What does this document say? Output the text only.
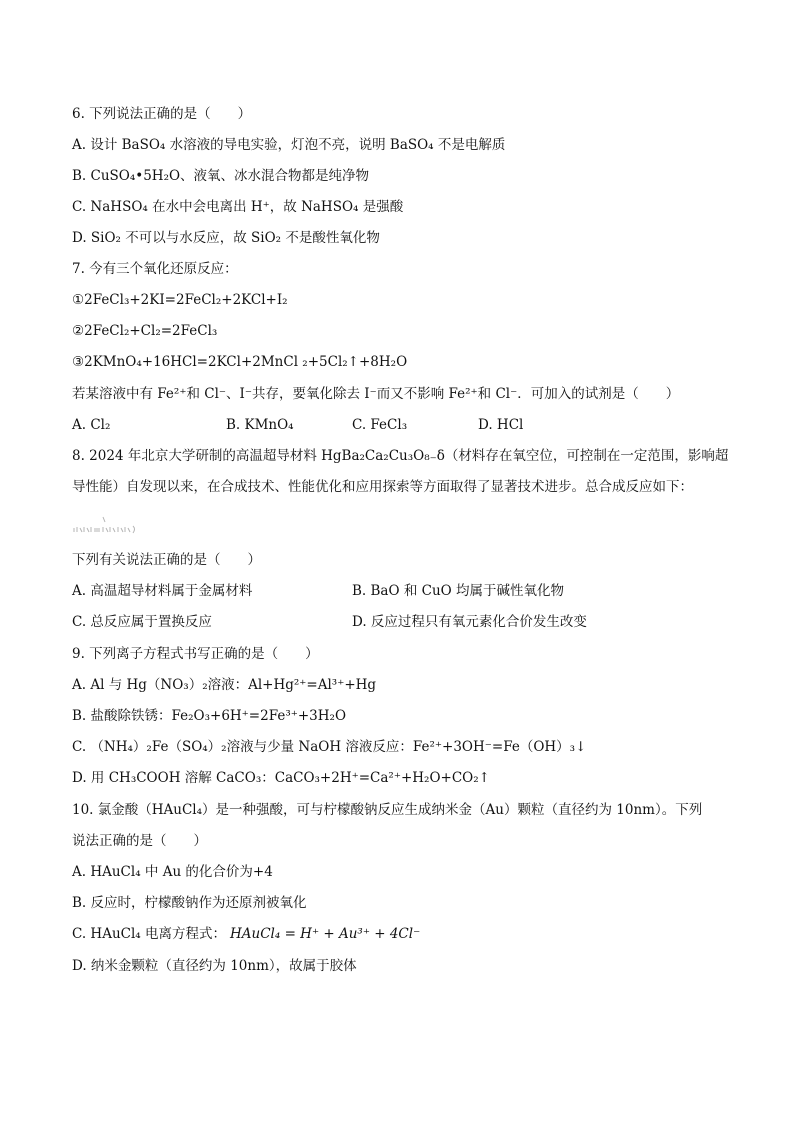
6. 下列说法正确的是（　　）
A. 设计 BaSO₄ 水溶液的导电实验，灯泡不亮，说明 BaSO₄ 不是电解质
B. CuSO₄•5H₂O、液氧、冰水混合物都是纯净物
C. NaHSO₄ 在水中会电离出 H⁺，故 NaHSO₄ 是强酸
D. SiO₂ 不可以与水反应，故 SiO₂ 不是酸性氧化物
7. 今有三个氧化还原反应：
①2FeCl₃+2KI=2FeCl₂+2KCl+I₂
②2FeCl₂+Cl₂=2FeCl₃
③2KMnO₄+16HCl=2KCl+2MnCl ₂+5Cl₂↑+8H₂O
若某溶液中有 Fe²⁺和 Cl⁻、I⁻共存，要氧化除去 I⁻而又不影响 Fe²⁺和 Cl⁻．可加入的试剂是（　　）
A. Cl₂	B. KMnO₄	C. FeCl₃	D. HCl
8. 2024 年北京大学研制的高温超导材料 HgBa₂Ca₂Cu₃O₈₋δ（材料存在氧空位，可控制在一定范围，影响超
导性能）自发现以来，在合成技术、性能优化和应用探索等方面取得了显著技术进步。总合成反应如下：
下列有关说法正确的是（　　）
A. 高温超导材料属于金属材料	B. BaO 和 CuO 均属于碱性氧化物
C. 总反应属于置换反应	D. 反应过程只有氧元素化合价发生改变
9. 下列离子方程式书写正确的是（　　）
A. Al 与 Hg（NO₃）₂溶液：Al+Hg²⁺=Al³⁺+Hg
B. 盐酸除铁锈：Fe₂O₃+6H⁺=2Fe³⁺+3H₂O
C. （NH₄）₂Fe（SO₄）₂溶液与少量 NaOH 溶液反应：Fe²⁺+3OH⁻=Fe（OH）₃↓
D. 用 CH₃COOH 溶解 CaCO₃：CaCO₃+2H⁺=Ca²⁺+H₂O+CO₂↑
10. 氯金酸（HAuCl₄）是一种强酸，可与柠檬酸钠反应生成纳米金（Au）颗粒（直径约为 10nm）。下列
说法正确的是（　　）
A. HAuCl₄ 中 Au 的化合价为+4
B. 反应时，柠檬酸钠作为还原剂被氧化
C. HAuCl₄ 电离方程式： HAuCl₄ = H⁺ + Au³⁺ + 4Cl⁻
D. 纳米金颗粒（直径约为 10nm），故属于胶体
